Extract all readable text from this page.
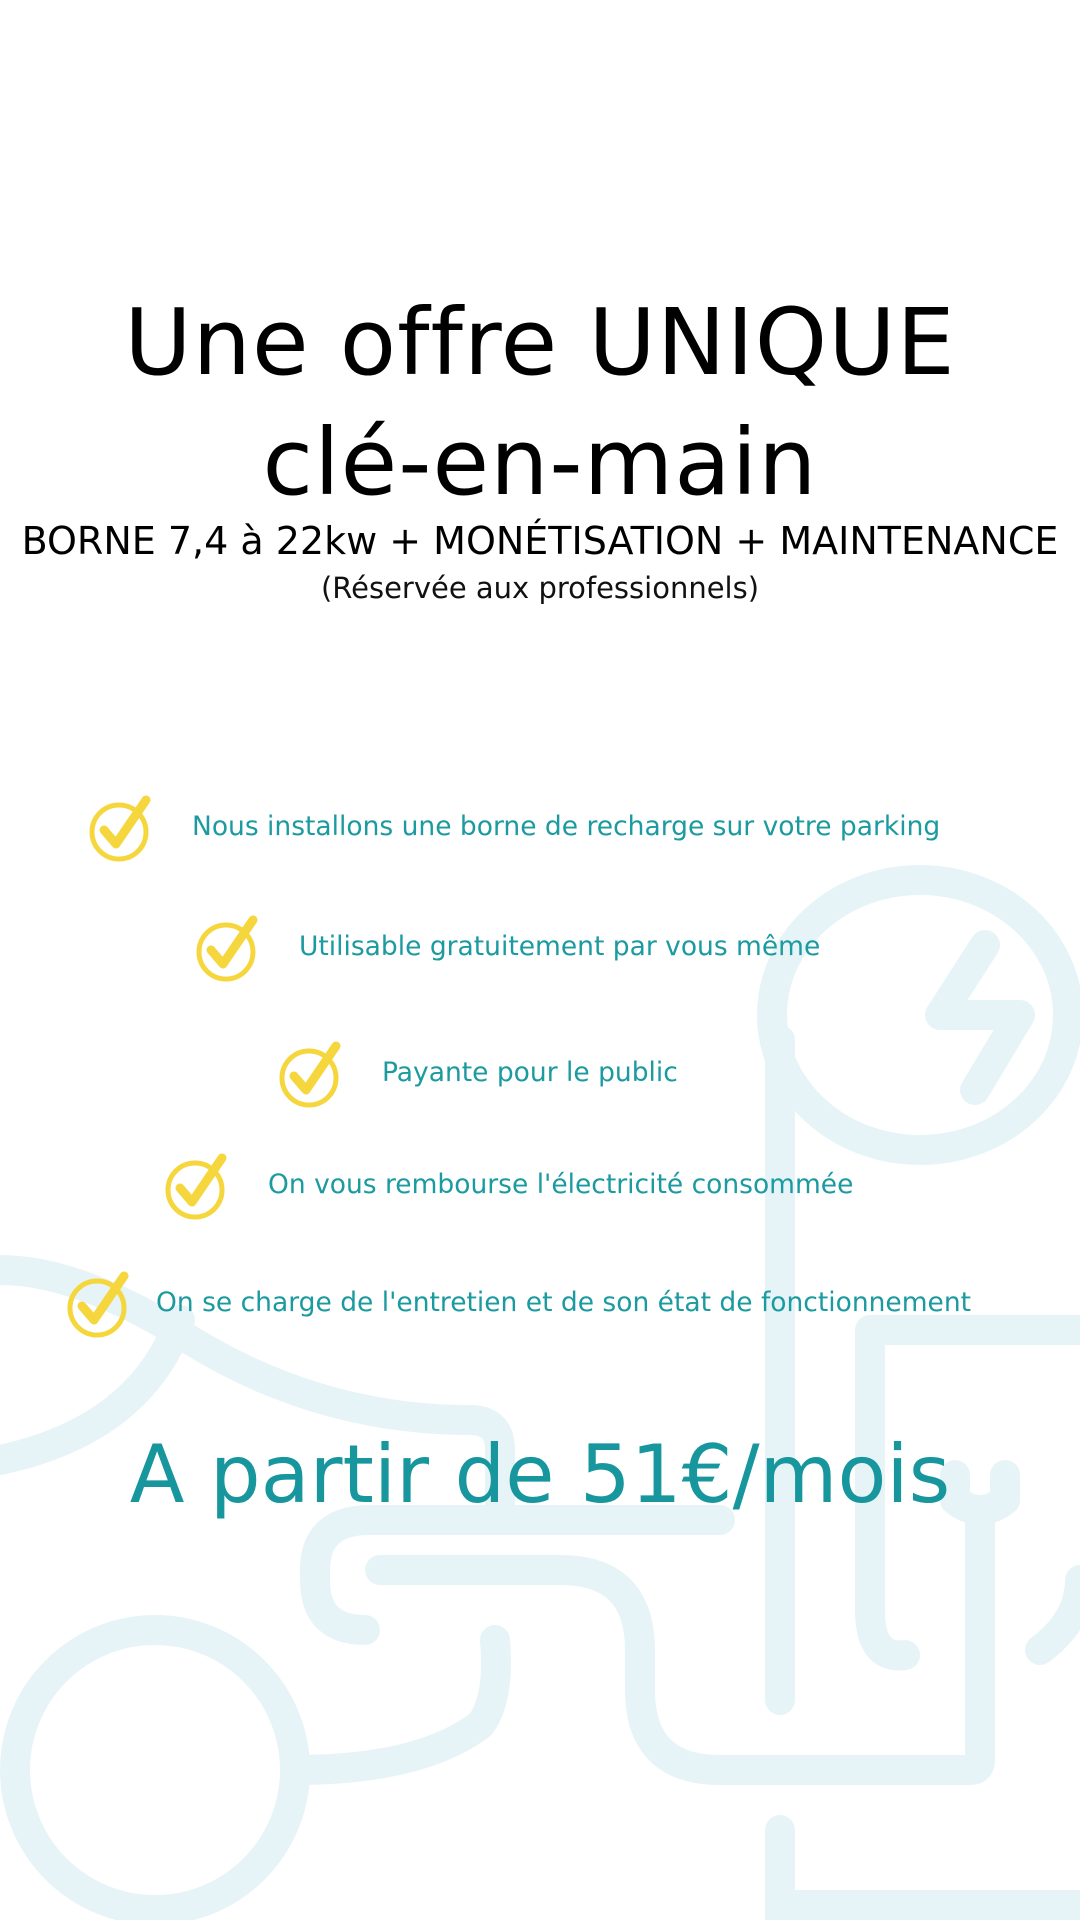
Une offre UNIQUE
clé-en-main
BORNE 7,4 à 22kw + MONÉTISATION + MAINTENANCE
(Réservée aux professionnels)
Nous installons une borne de recharge sur votre parking
Utilisable gratuitement par vous même
Payante pour le public
On vous rembourse l'électricité consommée
On se charge de l'entretien et de son état de fonctionnement
A partir de 51€/mois
